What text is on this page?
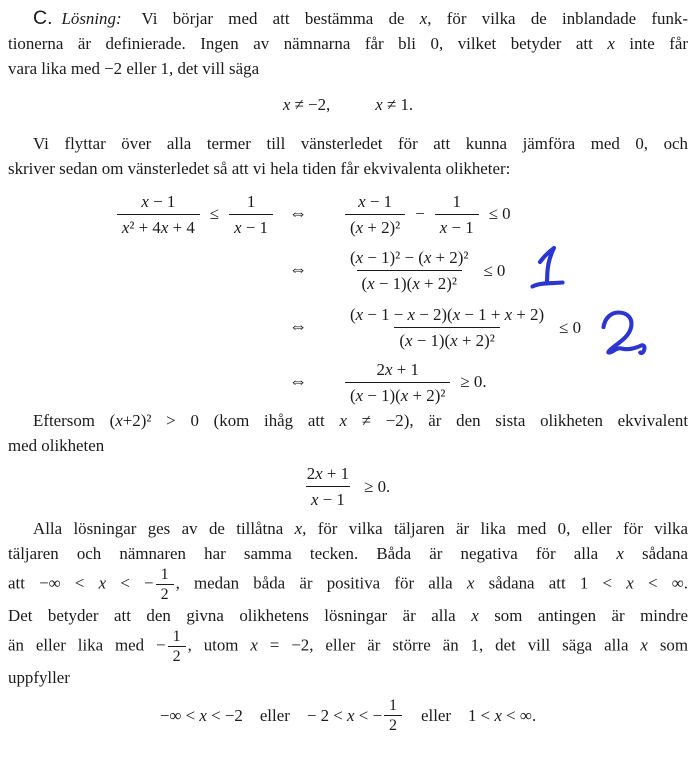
C. Lösning: Vi börjar med att bestämma de x, för vilka de inblandade funk-

tionerna är definierade. Ingen av nämnarna får bli 0, vilket betyder att x inte får

vara lika med −2 eller 1, det vill säga

x ≠ −2,	x ≠ 1.

Vi flyttar över alla termer till vänsterledet för att kunna jämföra med 0, och

skriver sedan om vänsterledet så att vi hela tiden får ekvivalenta olikheter:

$\frac{x - 1}{\text{x² + 4x + 4}} \le \frac{1}{x - 1}$ ⇔	$\frac{x - 1}{\text{(x + 2)²}} - \frac{1}{x - 1} \le 0$
⇔	$\frac{\text{(x − 1)² − (x + 2)²}}{\text{(x − 1)(x + 2)²}} \le 0$
⇔	$\frac{(x - 1 - x - 2)(x - 1 + x + 2)}{\text{(x − 1)(x + 2)²}} \le 0$
⇔	$\frac{2x + 1}{\text{(x − 1)(x + 2)²}} \ge 0$.

Eftersom (x+2)² > 0 (kom ihåg att x ≠ −2), är den sista olikheten ekvivalent

med olikheten

$\frac{2x + 1}{x - 1} \ge 0$.

Alla lösningar ges av de tillåtna x, för vilka täljaren är lika med 0, eller för vilka

täljaren och nämnaren har samma tecken. Båda är negativa för alla x sådana

att −∞ < x < − $\frac{1}{2}$ , medan båda är positiva för alla x sådana att 1 < x < ∞.

Det betyder att den givna olikhetens lösningar är alla x som antingen är mindre

än eller lika med − $\frac{1}{2}$ , utom x = −2, eller är större än 1, det vill säga alla x som

uppfyller

−∞ < x < −2 eller − 2 < x < − $\frac{1}{2}$ eller 1 < x < ∞.
